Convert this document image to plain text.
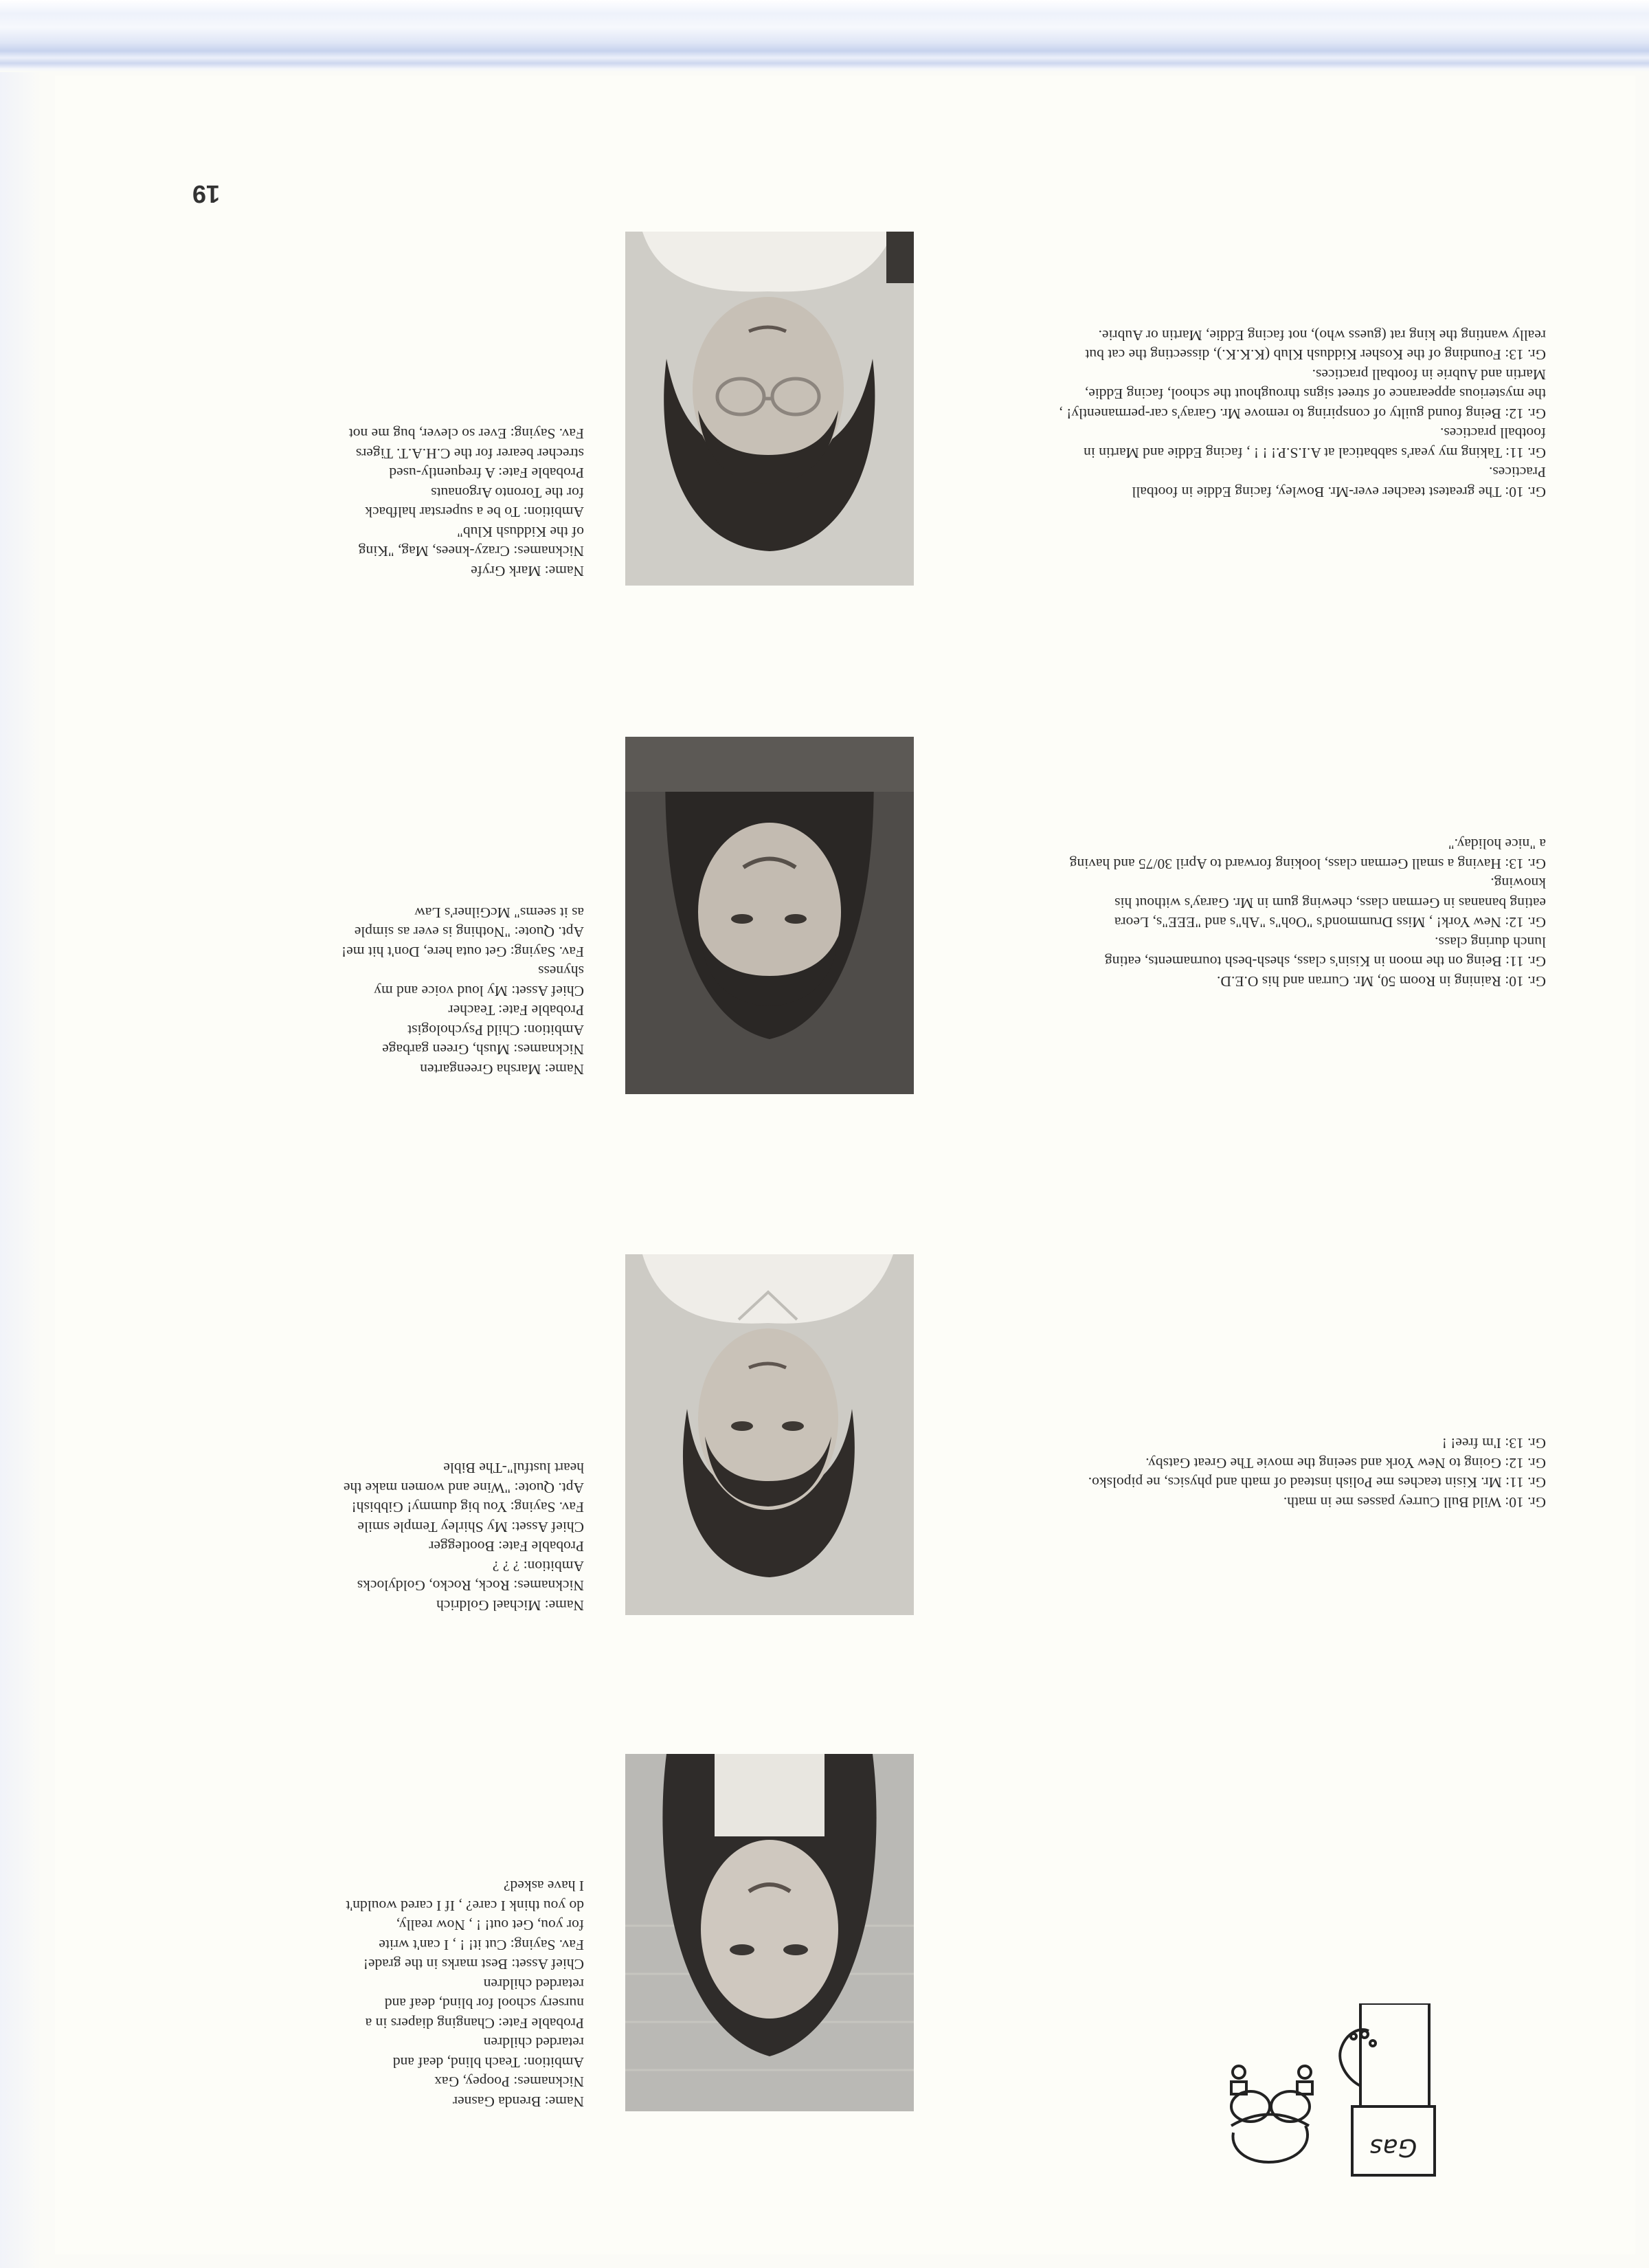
19
Name: Brenda Gasner
Nicknames: Poopey, Gax
Ambition: Teach blind, deaf and
retarded children
Probable Fate: Changing diapers in a
nursery school for blind, deaf and
retarded children
Chief Asset: Best marks in the grade!
Fav. Saying: Cut it! ! , I can't write
for you, Get out! ! , Now really,
do you think I care? , If I cared wouldn't
I have asked?
Gas
Name: Michael Goldrich
Nicknames: Rock, Rocko, Goldylocks
Ambition: ? ? ?
Probable Fate: Bootlegger
Chief Asset: My Shirley Temple smile
Fav. Saying: You big dummy! Gibbish!
Apt. Quote: "Wine and women make the
heart lustful"-The Bible
Gr. 10: Wild Bull Currey passes me in math.
Gr. 11: Mr. Kisin teaches me Polish instead of math and physics, ne pipolsko.
Gr. 12: Going to New York and seeing the movie The Great Gatsby.
Gr. 13: I'm free! !
Name: Marsha Greengarten
Nicknames: Mush, Green garbage
Ambition: Child Psychologist
Probable Fate: Teacher
Chief Asset: My loud voice and my
shyness
Fav. Saying: Get outa here, Don't hit me!
Apt. Quote: "Nothing is ever as simple
as it seems" McGilner's Law
Gr. 10: Raining in Room 50, Mr. Curran and his O.E.D.
Gr. 11: Being on the moon in Kisin's class, shesh-besh tournaments, eating
lunch during class.
Gr. 12: New York! , Miss Drummond's "Ooh"s "Ah"s and "EEE"s, Leora
eating bananas in German class, chewing gum in Mr. Garay's without his
knowing.
Gr. 13: Having a small German class, looking forward to April 30/75 and having
a "nice holiday."
Name: Mark Gryfe
Nicknames: Crazy-knees, Mag, "King
of the Kiddush Klub"
Ambition: To be a superstar halfback
for the Toronto Argonauts
Probable Fate: A frequently-used
strecher bearer for the C.H.A.T. Tigers
Fav. Saying: Ever so clever, bug me not
Gr. 10: The greatest teacher ever-Mr. Bowley, facing Eddie in football
Practices.
Gr. 11: Taking my year's sabbatical at A.I.S.P.! ! ! , facing Eddie and Martin in
football practices.
Gr. 12: Being found guilty of conspiring to remove Mr. Garay's car-permanently! ,
the mysterious appearance of street signs throughout the school, facing Eddie,
Martin and Aubrie in football practices.
Gr. 13: Founding of the Kosher Kiddush Klub (K.K.K.), dissecting the cat but
really wanting the king rat (guess who), not facing Eddie, Martin or Aubrie.
